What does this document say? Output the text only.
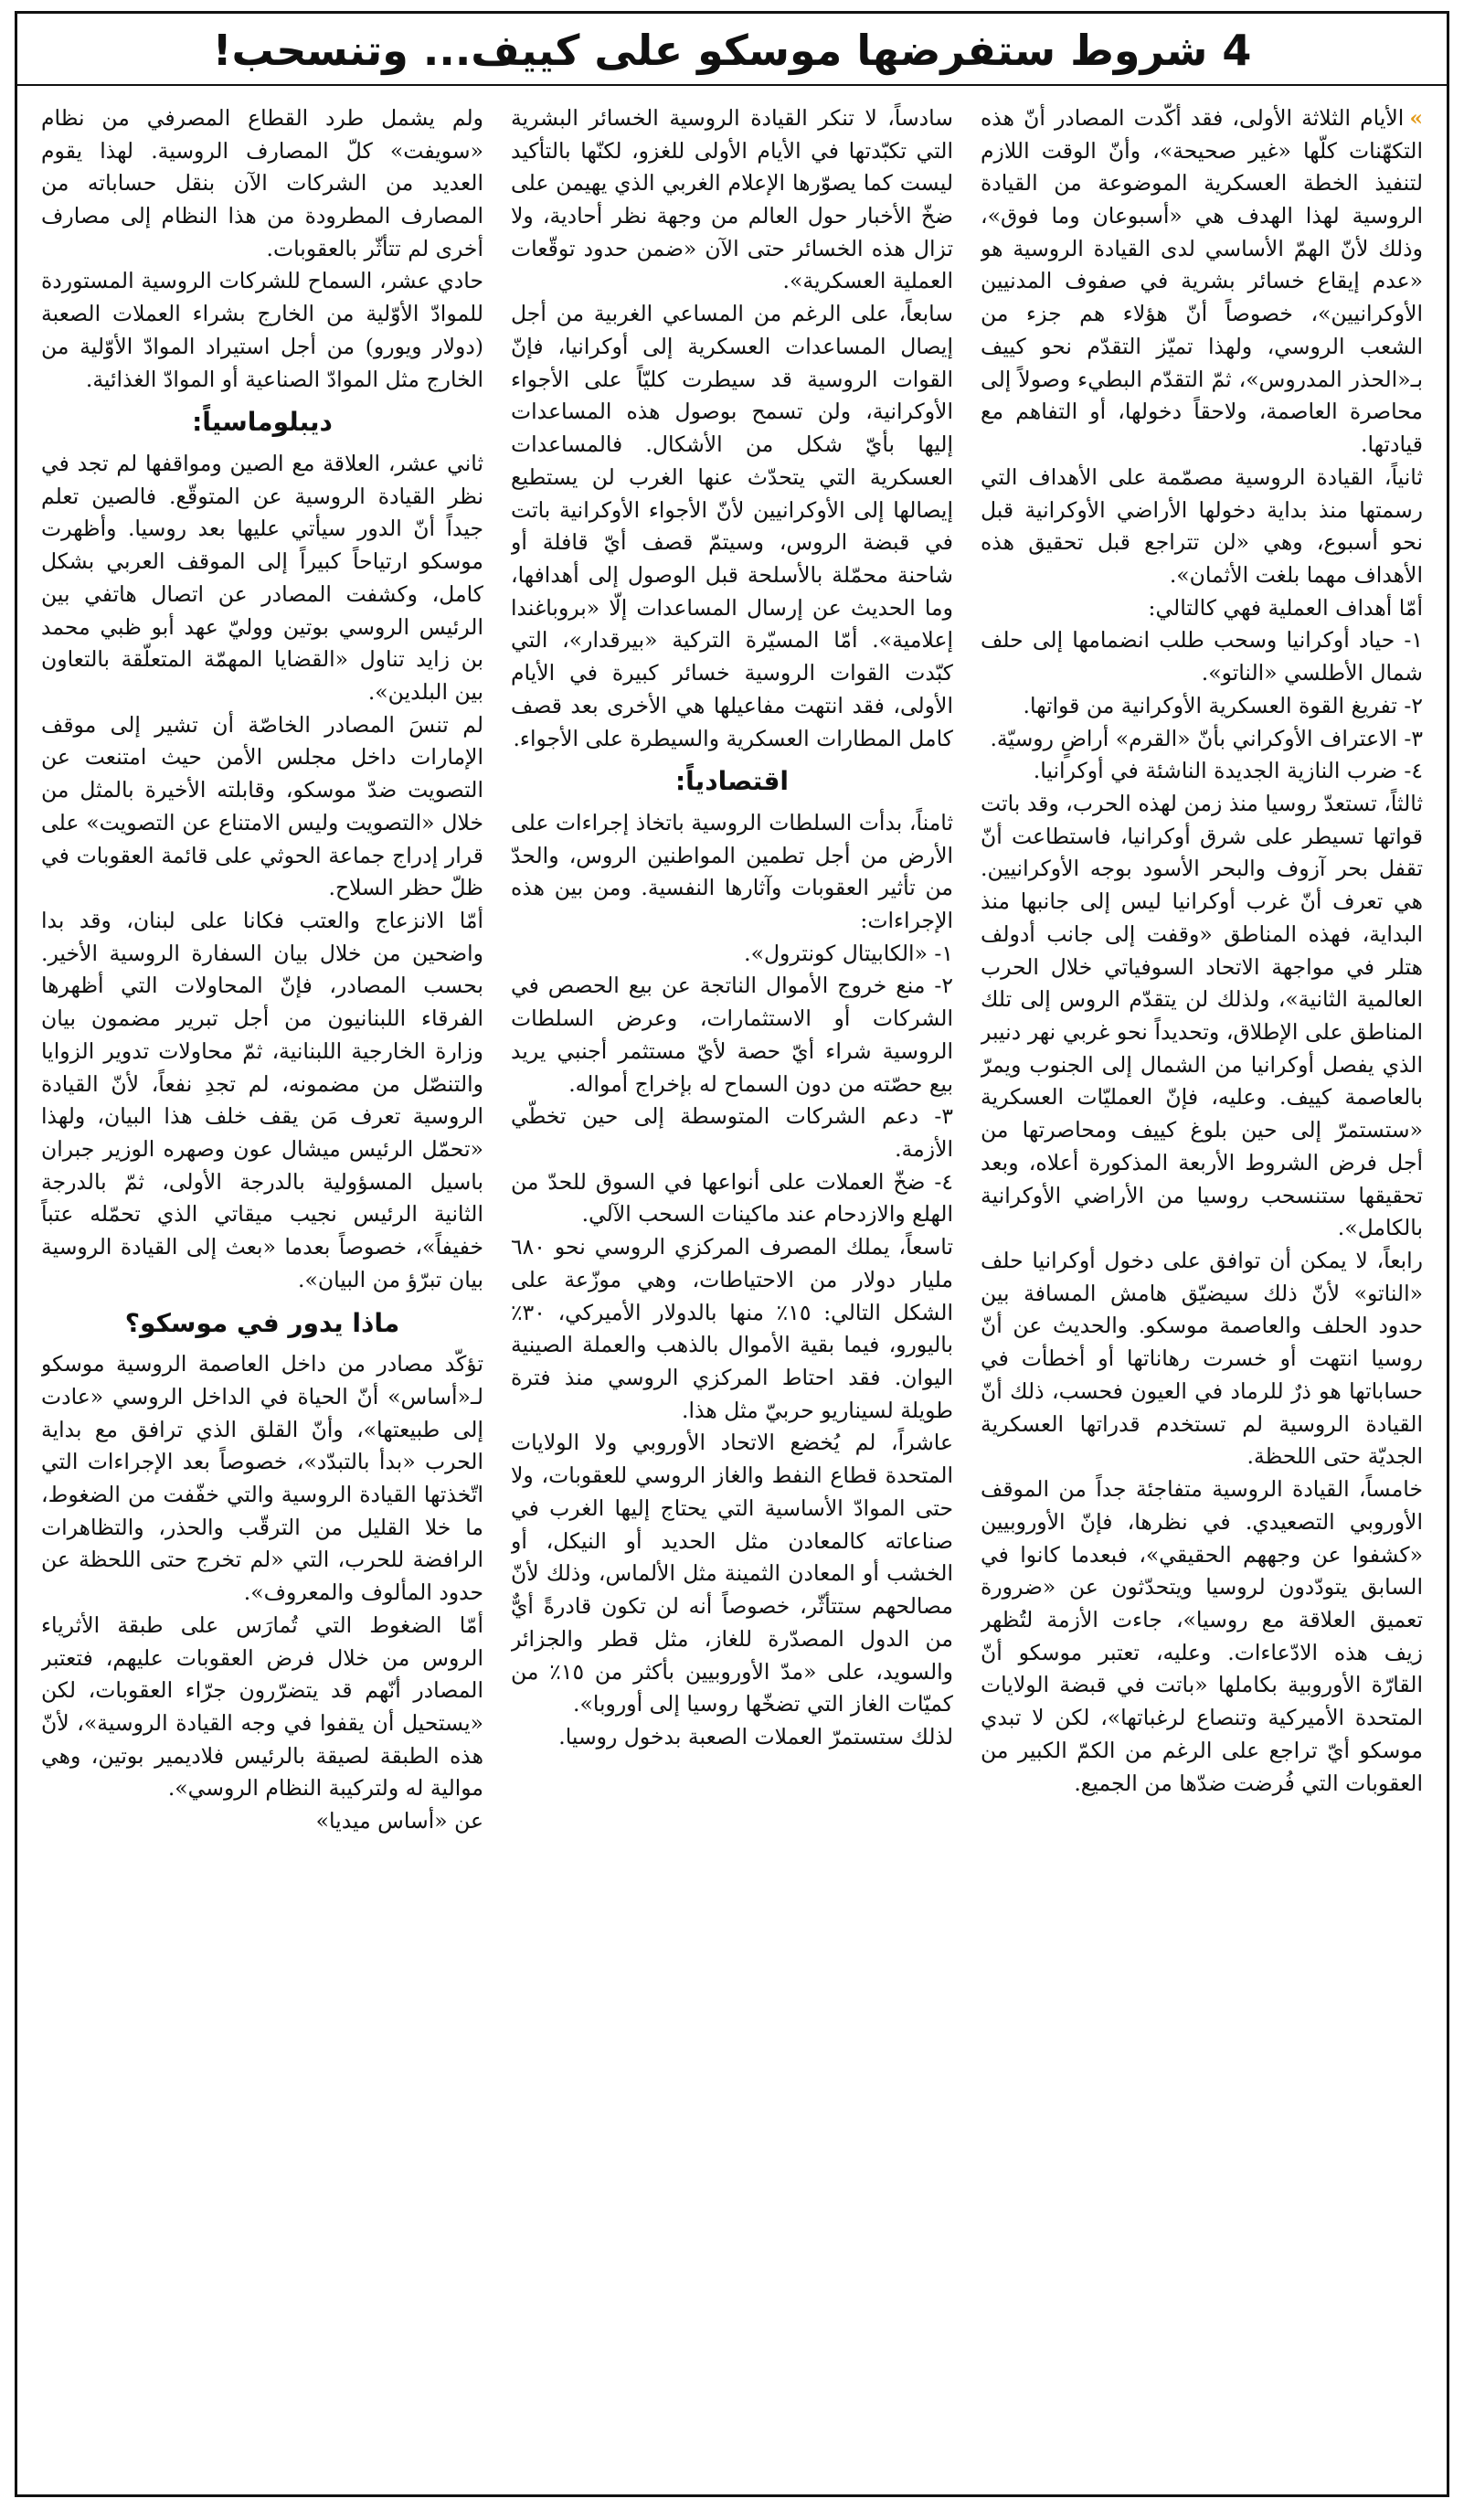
4 شروط ستفرضها موسكو على كييف... وتنسحب!

»الأيام الثلاثة الأولى، فقد أكّدت المصادر أنّ هذه التكهّنات كلّها «غير صحيحة»، وأنّ الوقت اللازم لتنفيذ الخطة العسكرية الموضوعة من القيادة الروسية لهذا الهدف هي «أسبوعان وما فوق»، وذلك لأنّ الهمّ الأساسي لدى القيادة الروسية هو «عدم إيقاع خسائر بشرية في صفوف المدنيين الأوكرانيين»، خصوصاً أنّ هؤلاء هم جزء من الشعب الروسي، ولهذا تميّز التقدّم نحو كييف بـ«الحذر المدروس»، ثمّ التقدّم البطيء وصولاً إلى محاصرة العاصمة، ولاحقاً دخولها، أو التفاهم مع قيادتها.

ثانياً، القيادة الروسية مصمّمة على الأهداف التي رسمتها منذ بداية دخولها الأراضي الأوكرانية قبل نحو أسبوع، وهي «لن تتراجع قبل تحقيق هذه الأهداف مهما بلغت الأثمان».

أمّا أهداف العملية فهي كالتالي:

١- حياد أوكرانيا وسحب طلب انضمامها إلى حلف شمال الأطلسي «الناتو».

٢- تفريغ القوة العسكرية الأوكرانية من قواتها.

٣- الاعتراف الأوكراني بأنّ «القرم» أراضٍ روسيّة.

٤- ضرب النازية الجديدة الناشئة في أوكرانيا.

ثالثاً، تستعدّ روسيا منذ زمن لهذه الحرب، وقد باتت قواتها تسيطر على شرق أوكرانيا، فاستطاعت أنّ تقفل بحر آزوف والبحر الأسود بوجه الأوكرانيين. هي تعرف أنّ غرب أوكرانيا ليس إلى جانبها منذ البداية، فهذه المناطق «وقفت إلى جانب أدولف هتلر في مواجهة الاتحاد السوفياتي خلال الحرب العالمية الثانية»، ولذلك لن يتقدّم الروس إلى تلك المناطق على الإطلاق، وتحديداً نحو غربي نهر دنيبر الذي يفصل أوكرانيا من الشمال إلى الجنوب ويمرّ بالعاصمة كييف. وعليه، فإنّ العمليّات العسكرية «ستستمرّ إلى حين بلوغ كييف ومحاصرتها من أجل فرض الشروط الأربعة المذكورة أعلاه، وبعد تحقيقها ستنسحب روسيا من الأراضي الأوكرانية بالكامل».

رابعاً، لا يمكن أن توافق على دخول أوكرانيا حلف «الناتو» لأنّ ذلك سيضيّق هامش المسافة بين حدود الحلف والعاصمة موسكو. والحديث عن أنّ روسيا انتهت أو خسرت رهاناتها أو أخطأت في حساباتها هو ذرٌ للرماد في العيون فحسب، ذلك أنّ القيادة الروسية لم تستخدم قدراتها العسكرية الجديّة حتى اللحظة.

خامساً، القيادة الروسية متفاجئة جداً من الموقف الأوروبي التصعيدي. في نظرها، فإنّ الأوروبيين «كشفوا عن وجههم الحقيقي»، فبعدما كانوا في السابق يتودّدون لروسيا ويتحدّثون عن «ضرورة تعميق العلاقة مع روسيا»، جاءت الأزمة لتُظهر زيف هذه الادّعاءات. وعليه، تعتبر موسكو أنّ القارّة الأوروبية بكاملها «باتت في قبضة الولايات المتحدة الأميركية وتنصاع لرغباتها»، لكن لا تبدي موسكو أيّ تراجع على الرغم من الكمّ الكبير من العقوبات التي فُرضت ضدّها من الجميع.

سادساً، لا تنكر القيادة الروسية الخسائر البشرية التي تكبّدتها في الأيام الأولى للغزو، لكنّها بالتأكيد ليست كما يصوّرها الإعلام الغربي الذي يهيمن على ضخّ الأخبار حول العالم من وجهة نظر أحادية، ولا تزال هذه الخسائر حتى الآن «ضمن حدود توقّعات العملية العسكرية».

سابعاً، على الرغم من المساعي الغربية من أجل إيصال المساعدات العسكرية إلى أوكرانيا، فإنّ القوات الروسية قد سيطرت كليّاً على الأجواء الأوكرانية، ولن تسمح بوصول هذه المساعدات إليها بأيّ شكل من الأشكال. فالمساعدات العسكرية التي يتحدّث عنها الغرب لن يستطيع إيصالها إلى الأوكرانيين لأنّ الأجواء الأوكرانية باتت في قبضة الروس، وسيتمّ قصف أيّ قافلة أو شاحنة محمّلة بالأسلحة قبل الوصول إلى أهدافها، وما الحديث عن إرسال المساعدات إلّا «بروباغندا إعلامية». أمّا المسيّرة التركية «بيرقدار»، التي كبّدت القوات الروسية خسائر كبيرة في الأيام الأولى، فقد انتهت مفاعيلها هي الأخرى بعد قصف كامل المطارات العسكرية والسيطرة على الأجواء.

اقتصادياً:

ثامناً، بدأت السلطات الروسية باتخاذ إجراءات على الأرض من أجل تطمين المواطنين الروس، والحدّ من تأثير العقوبات وآثارها النفسية. ومن بين هذه الإجراءات:

١- «الكابيتال كونترول».

٢- منع خروج الأموال الناتجة عن بيع الحصص في الشركات أو الاستثمارات، وعرض السلطات الروسية شراء أيّ حصة لأيّ مستثمر أجنبي يريد بيع حصّته من دون السماح له بإخراج أمواله.

٣- دعم الشركات المتوسطة إلى حين تخطّي الأزمة.

٤- ضخّ العملات على أنواعها في السوق للحدّ من الهلع والازدحام عند ماكينات السحب الآلي.

تاسعاً، يملك المصرف المركزي الروسي نحو ٦٨٠ مليار دولار من الاحتياطات، وهي موزّعة على الشكل التالي: ١٥٪ منها بالدولار الأميركي، ٣٠٪ باليورو، فيما بقية الأموال بالذهب والعملة الصينية اليوان. فقد احتاط المركزي الروسي منذ فترة طويلة لسيناريو حربيّ مثل هذا.

عاشراً، لم يُخضع الاتحاد الأوروبي ولا الولايات المتحدة قطاع النفط والغاز الروسي للعقوبات، ولا حتى الموادّ الأساسية التي يحتاج إليها الغرب في صناعاته كالمعادن مثل الحديد أو النيكل، أو الخشب أو المعادن الثمينة مثل الألماس، وذلك لأنّ مصالحهم ستتأثّر، خصوصاً أنه لن تكون قادرةً أيٌّ من الدول المصدّرة للغاز، مثل قطر والجزائر والسويد، على «مدّ الأوروبيين بأكثر من ١٥٪ من كميّات الغاز التي تضخّها روسيا إلى أوروبا».

لذلك ستستمرّ العملات الصعبة بدخول روسيا.

ولم يشمل طرد القطاع المصرفي من نظام «سويفت» كلّ المصارف الروسية. لهذا يقوم العديد من الشركات الآن بنقل حساباته من المصارف المطرودة من هذا النظام إلى مصارف أخرى لم تتأثّر بالعقوبات.

حادي عشر، السماح للشركات الروسية المستوردة للموادّ الأوّلية من الخارج بشراء العملات الصعبة (دولار ويورو) من أجل استيراد الموادّ الأوّلية من الخارج مثل الموادّ الصناعية أو الموادّ الغذائية.

ديبلوماسياً:

ثاني عشر، العلاقة مع الصين ومواقفها لم تجد في نظر القيادة الروسية عن المتوقّع. فالصين تعلم جيداً أنّ الدور سيأتي عليها بعد روسيا. وأظهرت موسكو ارتياحاً كبيراً إلى الموقف العربي بشكل كامل، وكشفت المصادر عن اتصال هاتفي بين الرئيس الروسي بوتين ووليّ عهد أبو ظبي محمد بن زايد تناول «القضايا المهمّة المتعلّقة بالتعاون بين البلدين».

لم تنسَ المصادر الخاصّة أن تشير إلى موقف الإمارات داخل مجلس الأمن حيث امتنعت عن التصويت ضدّ موسكو، وقابلته الأخيرة بالمثل من خلال «التصويت وليس الامتناع عن التصويت» على قرار إدراج جماعة الحوثي على قائمة العقوبات في ظلّ حظر السلاح.

أمّا الانزعاج والعتب فكانا على لبنان، وقد بدا واضحين من خلال بيان السفارة الروسية الأخير. بحسب المصادر، فإنّ المحاولات التي أظهرها الفرقاء اللبنانيون من أجل تبرير مضمون بيان وزارة الخارجية اللبنانية، ثمّ محاولات تدوير الزوايا والتنصّل من مضمونه، لم تجدِ نفعاً، لأنّ القيادة الروسية تعرف مَن يقف خلف هذا البيان، ولهذا «تحمّل الرئيس ميشال عون وصهره الوزير جبران باسيل المسؤولية بالدرجة الأولى، ثمّ بالدرجة الثانية الرئيس نجيب ميقاتي الذي تحمّله عتباً خفيفاً»، خصوصاً بعدما «بعث إلى القيادة الروسية بيان تبرّؤ من البيان».

ماذا يدور في موسكو؟

تؤكّد مصادر من داخل العاصمة الروسية موسكو لـ«أساس» أنّ الحياة في الداخل الروسي «عادت إلى طبيعتها»، وأنّ القلق الذي ترافق مع بداية الحرب «بدأ بالتبدّد»، خصوصاً بعد الإجراءات التي اتّخذتها القيادة الروسية والتي خفّفت من الضغوط، ما خلا القليل من الترقّب والحذر، والتظاهرات الرافضة للحرب، التي «لم تخرج حتى اللحظة عن حدود المألوف والمعروف».

أمّا الضغوط التي تُمارَس على طبقة الأثرياء الروس من خلال فرض العقوبات عليهم، فتعتبر المصادر أنّهم قد يتضرّرون جرّاء العقوبات، لكن «يستحيل أن يقفوا في وجه القيادة الروسية»، لأنّ هذه الطبقة لصيقة بالرئيس فلاديمير بوتين، وهي موالية له ولتركيبة النظام الروسي».

عن «أساس ميديا»
